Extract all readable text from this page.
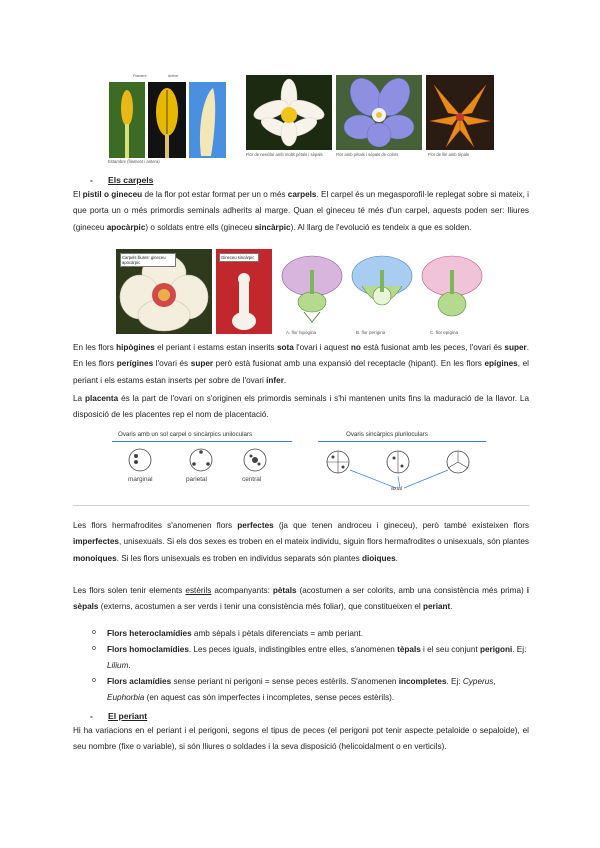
Filament	Anther
Estambre (filament i antera)
Flor de nenúfar amb molts pètals i sèpals	Flor amb pètals i sèpals de colors	Flor de lliri amb tèpals
- Els carpels

El pistil o gineceu de la flor pot estar format per un o més carpels. El carpel és un megasporofil·le replegat sobre si mateix, i que porta un o més primordis seminals adherits al marge. Quan el gineceu té més d'un carpel, aquests poden ser: lliures (gineceu apocàrpic) o soldats entre ells (gineceu sincàrpic). Al llarg de l'evolució es tendeix a que es solden.

Carpels lliures: gineceu apocàrpic
Gineceu sincàrpic
A. flor hipògina	B. flor perígina	C. flor epígina

En les flors hipògines el periant i estams estan inserits sota l'ovari i aquest no està fusionat amb les peces, l'ovari és super. En les flors perígines l'ovari és super però està fusionat amb una expansió del receptacle (hipant). En les flors epígines, el periant i els estams estan inserts per sobre de l'ovari ínfer.

La placenta és la part de l'ovari on s'originen els primordis seminals i s'hi mantenen units fins la maduració de la llavor. La disposició de les placentes rep el nom de placentació.

Ovaris amb un sol carpel o sincàrpics uniloculars	Ovaris sincàrpics pluriloculars
marginal	parietal	central
axial

Les flors hermafrodites s'anomenen flors perfectes (ja que tenen androceu i gineceu), però també existeixen flors imperfectes, unisexuals. Si els dos sexes es troben en el mateix individu, siguin flors hermafrodites o unisexuals, són plantes monoiques. Si les flors unisexuals es troben en individus separats són plantes dioiques.

Les flors solen tenir elements estèrils acompanyants: pètals (acostumen a ser colorits, amb una consistència més prima) i sèpals (externs, acostumen a ser verds i tenir una consistència més foliar), que constitueixen el periant.

o Flors heteroclamídies amb sèpals i pètals diferenciats = amb periant.
o Flors homoclamídies. Les peces iguals, indistingibles entre elles, s'anomenen tèpals i el seu conjunt perigoni. Ej: Lilium.
o Flors aclamídies sense periant ni perigoni = sense peces estèrils. S'anomenen incompletes. Ej: Cyperus, Euphorbia (en aquest cas són imperfectes i incompletes, sense peces estèrils).
- El periant

Hi ha variacions en el periant i el perigoni, segons el tipus de peces (el perigoni pot tenir aspecte petaloide o sepaloide), el seu nombre (fixe o variable), si són lliures o soldades i la seva disposició (helicoidalment o en verticils).
